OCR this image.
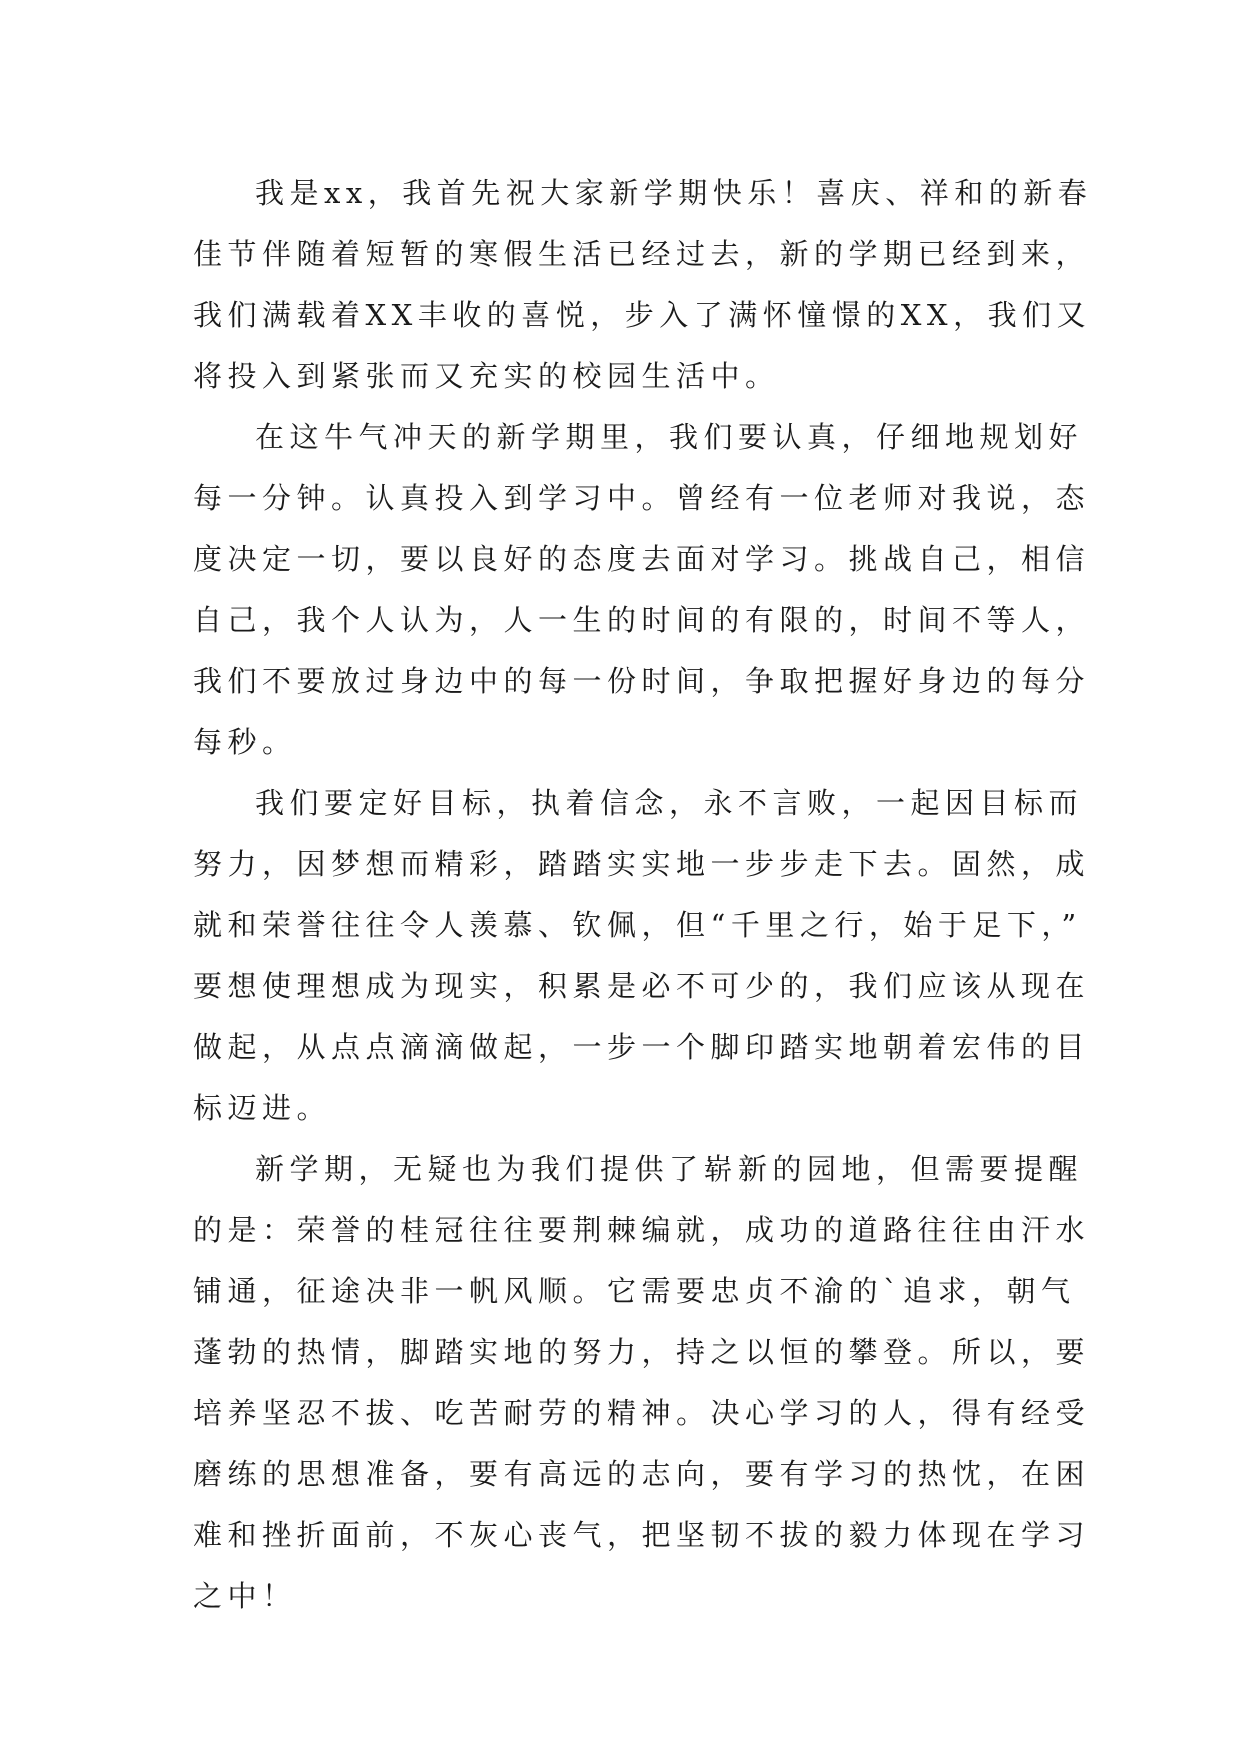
我是xx，我首先祝大家新学期快乐！喜庆、祥和的新春
佳节伴随着短暂的寒假生活已经过去，新的学期已经到来，
我们满载着XX丰收的喜悦，步入了满怀憧憬的XX，我们又
将投入到紧张而又充实的校园生活中。

在这牛气冲天的新学期里，我们要认真，仔细地规划好
每一分钟。认真投入到学习中。曾经有一位老师对我说，态
度决定一切，要以良好的态度去面对学习。挑战自己，相信
自己，我个人认为，人一生的时间的有限的，时间不等人，
我们不要放过身边中的每一份时间，争取把握好身边的每分
每秒。

我们要定好目标，执着信念，永不言败，一起因目标而
努力，因梦想而精彩，踏踏实实地一步步走下去。固然，成
就和荣誉往往令人羡慕、钦佩，但“千里之行，始于足下，”
要想使理想成为现实，积累是必不可少的，我们应该从现在
做起，从点点滴滴做起，一步一个脚印踏实地朝着宏伟的目
标迈进。

新学期，无疑也为我们提供了崭新的园地，但需要提醒
的是：荣誉的桂冠往往要荆棘编就，成功的道路往往由汗水
铺通，征途决非一帆风顺。它需要忠贞不渝的`追求，朝气
蓬勃的热情，脚踏实地的努力，持之以恒的攀登。所以，要
培养坚忍不拔、吃苦耐劳的精神。决心学习的人，得有经受
磨练的思想准备，要有高远的志向，要有学习的热忱，在困
难和挫折面前，不灰心丧气，把坚韧不拔的毅力体现在学习
之中！
